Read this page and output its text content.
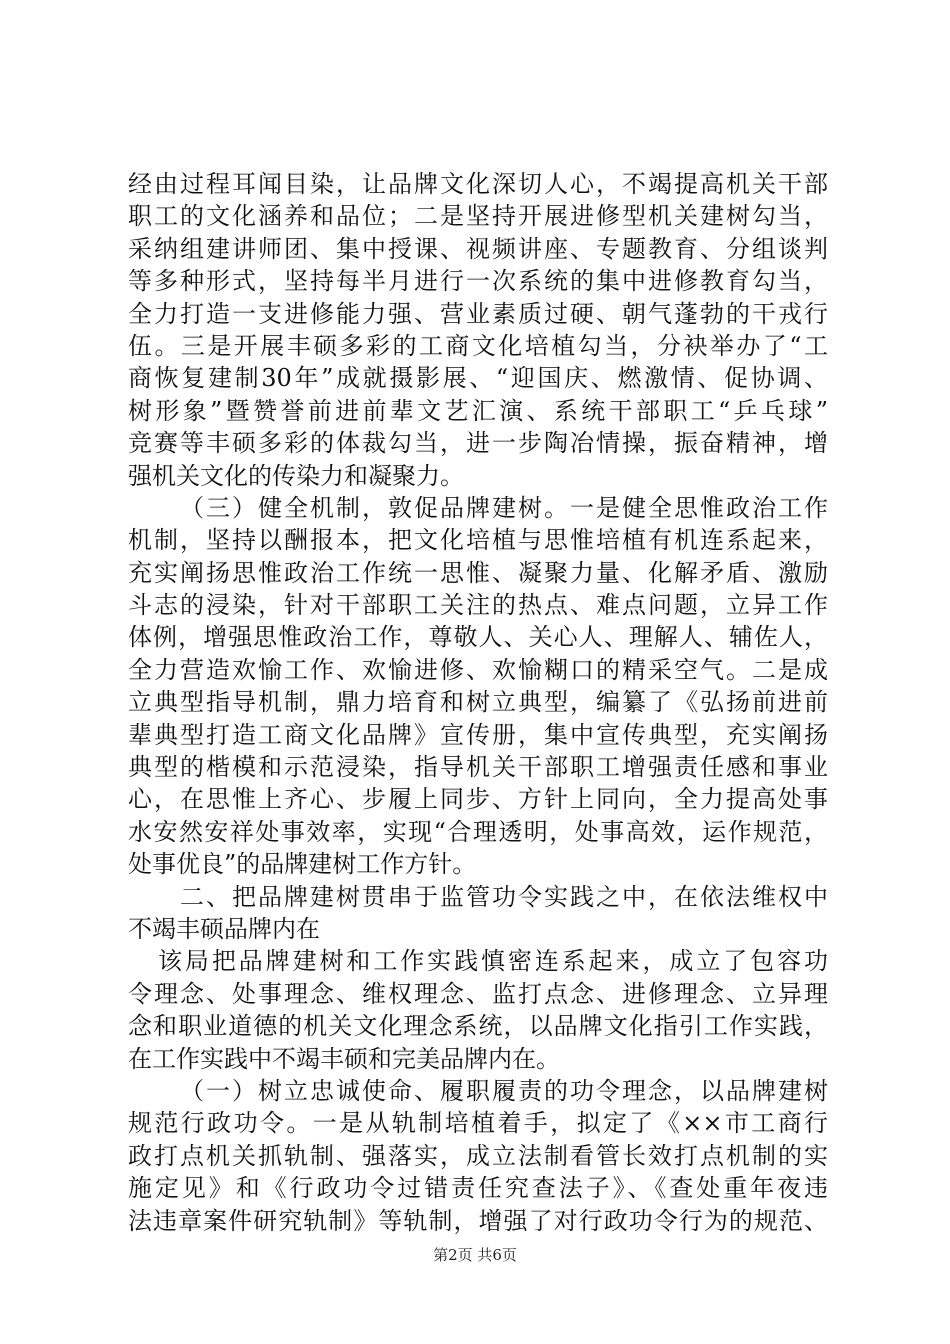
经由过程耳闻目染，让品牌文化深切人心，不竭提高机关干部
职工的文化涵养和品位；二是坚持开展进修型机关建树勾当，
采纳组建讲师团、集中授课、视频讲座、专题教育、分组谈判
等多种形式，坚持每半月进行一次系统的集中进修教育勾当，
全力打造一支进修能力强、营业素质过硬、朝气蓬勃的干戎行
伍。三是开展丰硕多彩的工商文化培植勾当，分袂举办了“工
商恢复建制30年”成就摄影展、“迎国庆、燃激情、促协调、
树形象”暨赞誉前进前辈文艺汇演、系统干部职工“乒乓球”
竞赛等丰硕多彩的体裁勾当，进一步陶冶情操，振奋精神，增
强机关文化的传染力和凝聚力。
（三）健全机制，敦促品牌建树。一是健全思惟政治工作
机制，坚持以酬报本，把文化培植与思惟培植有机连系起来，
充实阐扬思惟政治工作统一思惟、凝聚力量、化解矛盾、激励
斗志的浸染，针对干部职工关注的热点、难点问题，立异工作
体例，增强思惟政治工作，尊敬人、关心人、理解人、辅佐人，
全力营造欢愉工作、欢愉进修、欢愉糊口的精采空气。二是成
立典型指导机制，鼎力培育和树立典型，编纂了《弘扬前进前
辈典型打造工商文化品牌》宣传册，集中宣传典型，充实阐扬
典型的楷模和示范浸染，指导机关干部职工增强责任感和事业
心，在思惟上齐心、步履上同步、方针上同向，全力提高处事
水安然安祥处事效率，实现“合理透明，处事高效，运作规范，
处事优良”的品牌建树工作方针。
二、把品牌建树贯串于监管功令实践之中，在依法维权中
不竭丰硕品牌内在
该局把品牌建树和工作实践慎密连系起来，成立了包容功
令理念、处事理念、维权理念、监打点念、进修理念、立异理
念和职业道德的机关文化理念系统，以品牌文化指引工作实践，
在工作实践中不竭丰硕和完美品牌内在。
（一）树立忠诚使命、履职履责的功令理念，以品牌建树
规范行政功令。一是从轨制培植着手，拟定了《××市工商行
政打点机关抓轨制、强落实，成立法制看管长效打点机制的实
施定见》和《行政功令过错责任究查法子》、《查处重年夜违
法违章案件研究轨制》等轨制，增强了对行政功令行为的规范、
第2页 共6页
